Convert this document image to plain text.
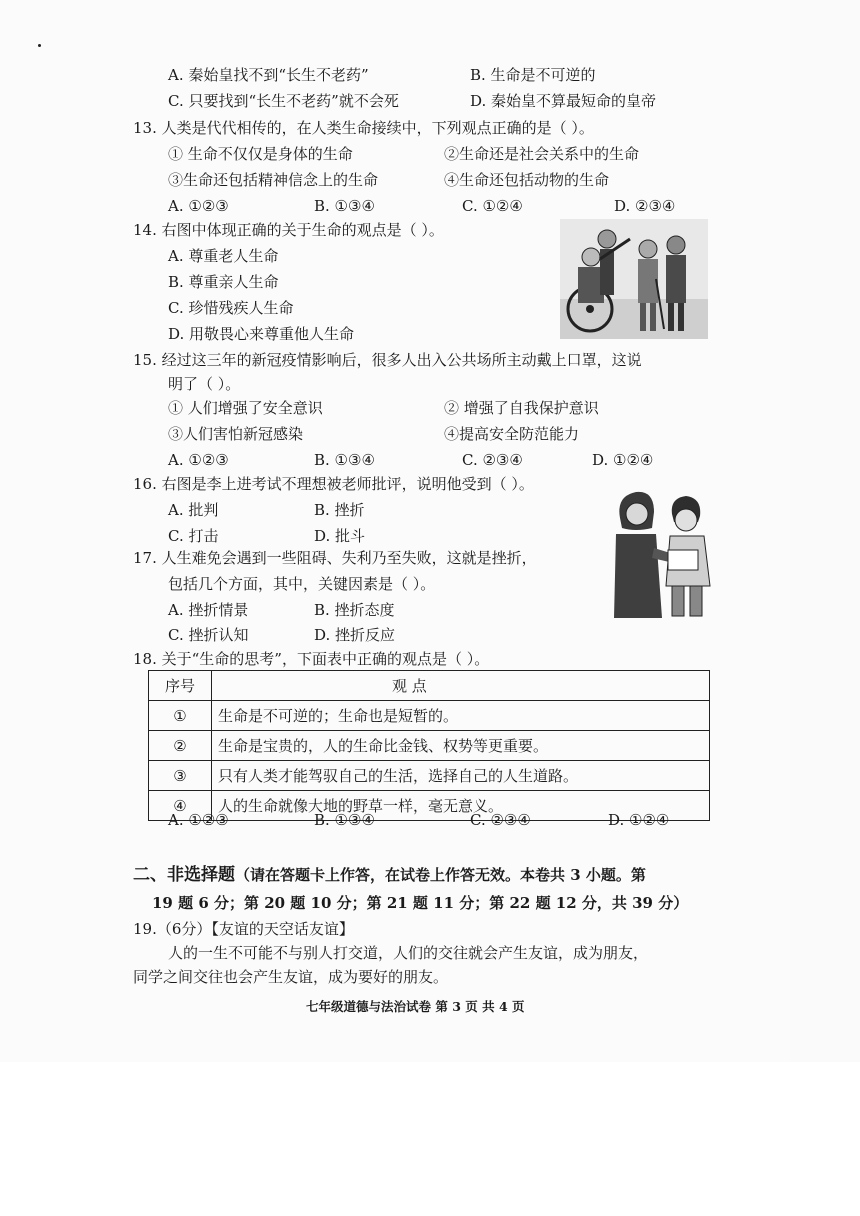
A. 秦始皇找不到“长生不老药”	B. 生命是不可逆的
C. 只要找到“长生不老药”就不会死	D. 秦始皇不算最短命的皇帝
13. 人类是代代相传的，在人类生命接续中，下列观点正确的是（ ）。
① 生命不仅仅是身体的生命	②生命还是社会关系中的生命
③生命还包括精神信念上的生命	④生命还包括动物的生命
A. ①②③	B. ①③④	C. ①②④	D. ②③④
14. 右图中体现正确的关于生命的观点是（ ）。
A. 尊重老人生命
B. 尊重亲人生命
C. 珍惜残疾人生命
D. 用敬畏心来尊重他人生命
15. 经过这三年的新冠疫情影响后，很多人出入公共场所主动戴上口罩，这说
明了（ ）。
① 人们增强了安全意识	② 增强了自我保护意识
③人们害怕新冠感染	④提高安全防范能力
A. ①②③	B. ①③④	C. ②③④	D. ①②④
16. 右图是李上进考试不理想被老师批评，说明他受到（ ）。
A. 批判	B. 挫折
C. 打击	D. 批斗
17. 人生难免会遇到一些阻碍、失利乃至失败，这就是挫折，
包括几个方面，其中，关键因素是（ ）。
A. 挫折情景	B. 挫折态度
C. 挫折认知	D. 挫折反应
18. 关于“生命的思考”，下面表中正确的观点是（ ）。
序号	观 点
①	生命是不可逆的；生命也是短暂的。
②	生命是宝贵的，人的生命比金钱、权势等更重要。
③	只有人类才能驾驭自己的生活，选择自己的人生道路。
④	人的生命就像大地的野草一样，毫无意义。
A. ①②③	B. ①③④	C. ②③④	D. ①②④
二、非选择题（请在答题卡上作答，在试卷上作答无效。本卷共 3 小题。第
19 题 6 分；第 20 题 10 分；第 21 题 11 分；第 22 题 12 分，共 39 分）
19.（6分）【友谊的天空话友谊】
人的一生不可能不与别人打交道，人们的交往就会产生友谊，成为朋友，
同学之间交往也会产生友谊，成为要好的朋友。
七年级道德与法治试卷 第 3 页 共 4 页
